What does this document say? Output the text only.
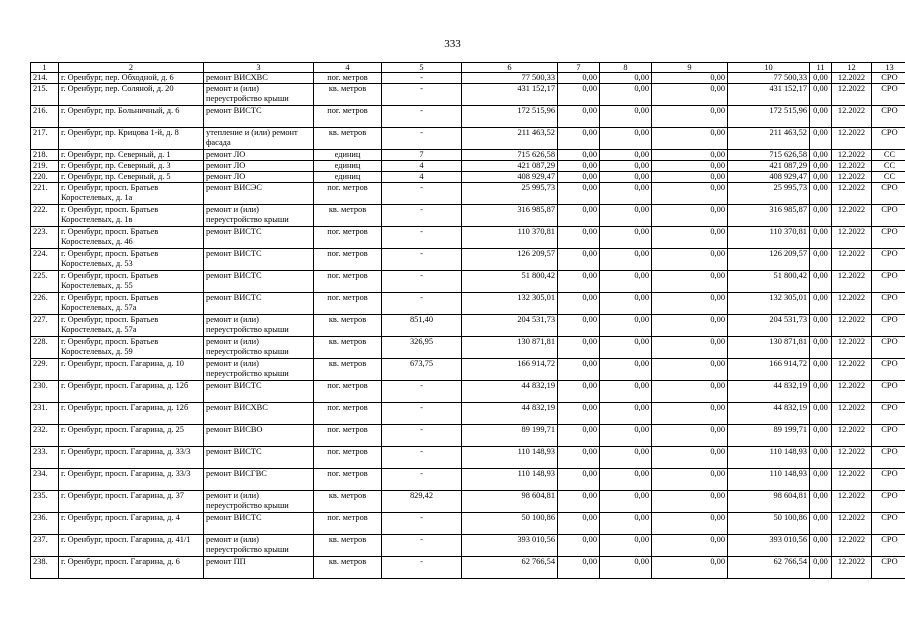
333
1	2	3	4	5	6	7	8	9	10	11	12	13
214.	г. Оренбург, пер. Обходной, д. 6	ремонт ВИСХВС	пог. метров	-	77 500,33	0,00	0,00	0,00	77 500,33	0,00	12.2022	СРО
215.	г. Оренбург, пер. Соляной, д. 20	ремонт и (или) переустройство крыши	кв. метров	-	431 152,17	0,00	0,00	0,00	431 152,17	0,00	12.2022	СРО
216.	г. Оренбург, пр. Больничный, д. 6	ремонт ВИСТС	пог. метров	-	172 515,96	0,00	0,00	0,00	172 515,96	0,00	12.2022	СРО
217.	г. Оренбург, пр. Крицова 1-й, д. 8	утепление и (или) ремонт фасада	кв. метров	-	211 463,52	0,00	0,00	0,00	211 463,52	0,00	12.2022	СРО
218.	г. Оренбург, пр. Северный, д. 1	ремонт ЛО	единиц	7	715 626,58	0,00	0,00	0,00	715 626,58	0,00	12.2022	СС
219.	г. Оренбург, пр. Северный, д. 3	ремонт ЛО	единиц	4	421 087,29	0,00	0,00	0,00	421 087,29	0,00	12.2022	СС
220.	г. Оренбург, пр. Северный, д. 5	ремонт ЛО	единиц	4	408 929,47	0,00	0,00	0,00	408 929,47	0,00	12.2022	СС
221.	г. Оренбург, просп. Братьев Коростелевых, д. 1а	ремонт ВИСЭС	пог. метров	-	25 995,73	0,00	0,00	0,00	25 995,73	0,00	12.2022	СРО
222.	г. Оренбург, просп. Братьев Коростелевых, д. 1в	ремонт и (или) переустройство крыши	кв. метров	-	316 985,87	0,00	0,00	0,00	316 985,87	0,00	12.2022	СРО
223.	г. Оренбург, просп. Братьев Коростелевых, д. 46	ремонт ВИСТС	пог. метров	-	110 370,81	0,00	0,00	0,00	110 370,81	0,00	12.2022	СРО
224.	г. Оренбург, просп. Братьев Коростелевых, д. 53	ремонт ВИСТС	пог. метров	-	126 209,57	0,00	0,00	0,00	126 209,57	0,00	12.2022	СРО
225.	г. Оренбург, просп. Братьев Коростелевых, д. 55	ремонт ВИСТС	пог. метров	-	51 800,42	0,00	0,00	0,00	51 800,42	0,00	12.2022	СРО
226.	г. Оренбург, просп. Братьев Коростелевых, д. 57а	ремонт ВИСТС	пог. метров	-	132 305,01	0,00	0,00	0,00	132 305,01	0,00	12.2022	СРО
227.	г. Оренбург, просп. Братьев Коростелевых, д. 57а	ремонт и (или) переустройство крыши	кв. метров	851,40	204 531,73	0,00	0,00	0,00	204 531,73	0,00	12.2022	СРО
228.	г. Оренбург, просп. Братьев Коростелевых, д. 59	ремонт и (или) переустройство крыши	кв. метров	326,95	130 871,81	0,00	0,00	0,00	130 871,81	0,00	12.2022	СРО
229.	г. Оренбург, просп. Гагарина, д. 10	ремонт и (или) переустройство крыши	кв. метров	673,75	166 914,72	0,00	0,00	0,00	166 914,72	0,00	12.2022	СРО
230.	г. Оренбург, просп. Гагарина, д. 12б	ремонт ВИСТС	пог. метров	-	44 832,19	0,00	0,00	0,00	44 832,19	0,00	12.2022	СРО
231.	г. Оренбург, просп. Гагарина, д. 12б	ремонт ВИСХВС	пог. метров	-	44 832,19	0,00	0,00	0,00	44 832,19	0,00	12.2022	СРО
232.	г. Оренбург, просп. Гагарина, д. 25	ремонт ВИСВО	пог. метров	-	89 199,71	0,00	0,00	0,00	89 199,71	0,00	12.2022	СРО
233.	г. Оренбург, просп. Гагарина, д. 33/3	ремонт ВИСТС	пог. метров	-	110 148,93	0,00	0,00	0,00	110 148,93	0,00	12.2022	СРО
234.	г. Оренбург, просп. Гагарина, д. 33/3	ремонт ВИСГВС	пог. метров	-	110 148,93	0,00	0,00	0,00	110 148,93	0,00	12.2022	СРО
235.	г. Оренбург, просп. Гагарина, д. 37	ремонт и (или) переустройство крыши	кв. метров	829,42	98 604,81	0,00	0,00	0,00	98 604,81	0,00	12.2022	СРО
236.	г. Оренбург, просп. Гагарина, д. 4	ремонт ВИСТС	пог. метров	-	50 100,86	0,00	0,00	0,00	50 100,86	0,00	12.2022	СРО
237.	г. Оренбург, просп. Гагарина, д. 41/1	ремонт и (или) переустройство крыши	кв. метров	-	393 010,56	0,00	0,00	0,00	393 010,56	0,00	12.2022	СРО
238.	г. Оренбург, просп. Гагарина, д. 6	ремонт ПП	кв. метров	-	62 766,54	0,00	0,00	0,00	62 766,54	0,00	12.2022	СРО
